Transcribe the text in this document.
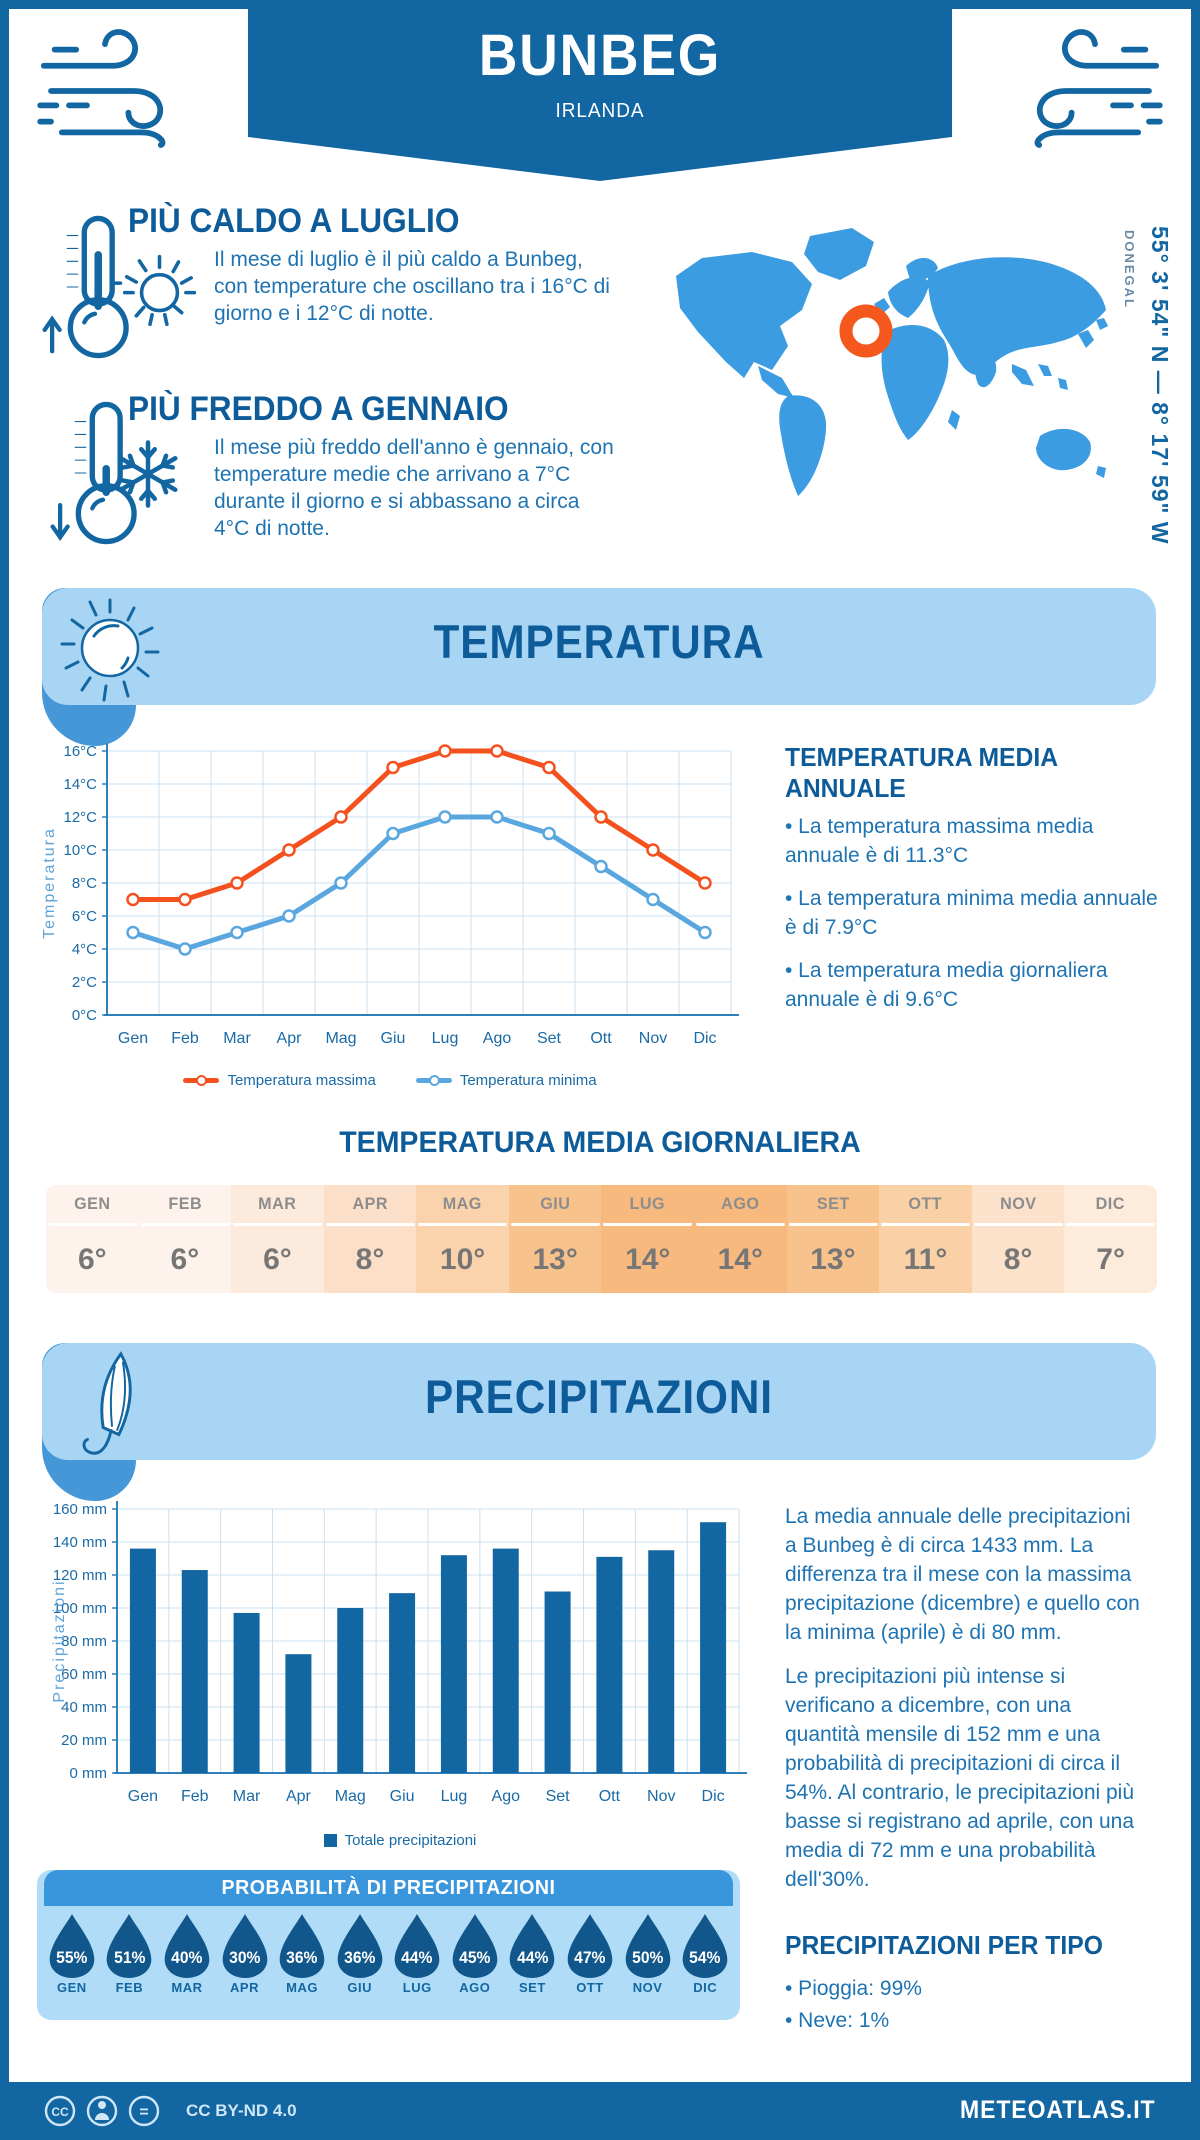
BUNBEG
IRLANDA
PIÙ CALDO A LUGLIO
Il mese di luglio è il più caldo a Bunbeg, con temperature che oscillano tra i 16°C di giorno e i 12°C di notte.
PIÙ FREDDO A GENNAIO
Il mese più freddo dell'anno è gennaio, con temperature medie che arrivano a 7°C durante il giorno e si abbassano a circa 4°C di notte.	55° 3' 54" N — 8° 17' 59" W
DONEGAL
TEMPERATURA
16°C
14°C
12°C
10°C
8°C
6°C
4°C
2°C
0°C
Gen Feb Mar Apr Mag Giu Lug Ago Set Ott Nov Dic
Temperatura
Temperatura massima	Temperatura minima
TEMPERATURA MEDIA ANNUALE
• La temperatura massima media annuale è di 11.3°C
• La temperatura minima media annuale è di 7.9°C
• La temperatura media giornaliera annuale è di 9.6°C
TEMPERATURA MEDIA GIORNALIERA
GEN
6°
FEB
6°
MAR
6°
APR
8°
MAG
10°
GIU
13°
LUG
14°
AGO
14°
SET
13°
OTT
11°
NOV
8°
DIC
7°
PRECIPITAZIONI
160 mm
140 mm
120 mm
100 mm
80 mm
60 mm
40 mm
20 mm
0 mm
Gen Feb Mar Apr Mag Giu Lug Ago Set Ott Nov Dic
Precipitazioni
Totale precipitazioni
La media annuale delle precipitazioni a Bunbeg è di circa 1433 mm. La differenza tra il mese con la massima precipitazione (dicembre) e quello con la minima (aprile) è di 80 mm.
Le precipitazioni più intense si verificano a dicembre, con una quantità mensile di 152 mm e una probabilità di precipitazioni di circa il 54%. Al contrario, le precipitazioni più basse si registrano ad aprile, con una media di 72 mm e una probabilità dell'30%.
PROBABILITÀ DI PRECIPITAZIONI
55%
GEN
51%
FEB
40%
MAR
30%
APR
36%
MAG
36%
GIU
44%
LUG
45%
AGO
44%
SET
47%
OTT
50%
NOV
54%
DIC
PRECIPITAZIONI PER TIPO
• Pioggia: 99%
• Neve: 1%
CC	= CC BY-ND 4.0	METEOATLAS.IT
